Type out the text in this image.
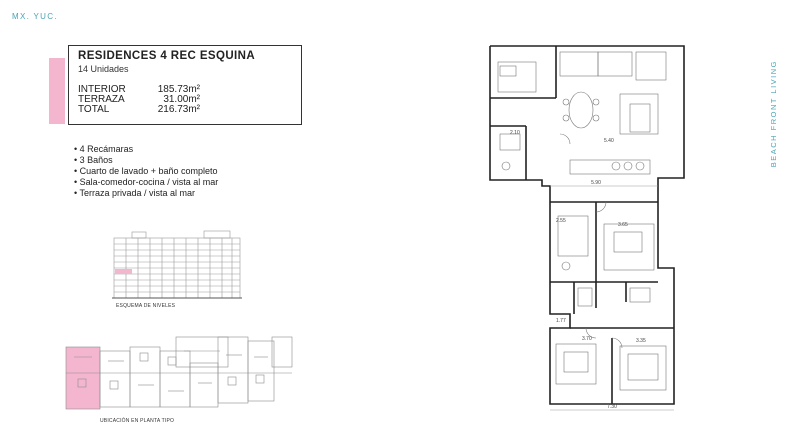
MX. YUC.
RESIDENCES 4 REC ESQUINA
14 Unidades
INTERIOR	185.73m²
TERRAZA	31.00m²
TOTAL	216.73m²
• 4 Recámaras
• 3 Baños
• Cuarto de lavado + baño completo
• Sala-comedor-cocina / vista al mar
• Terraza privada / vista al mar
ESQUEMA DE NIVELES
UBICACIÓN EN PLANTA TIPO
5.90
2.10
5.40
3.70
2.55
1.77
3.65
3.35
7.30
BEACH FRONT LIVING
